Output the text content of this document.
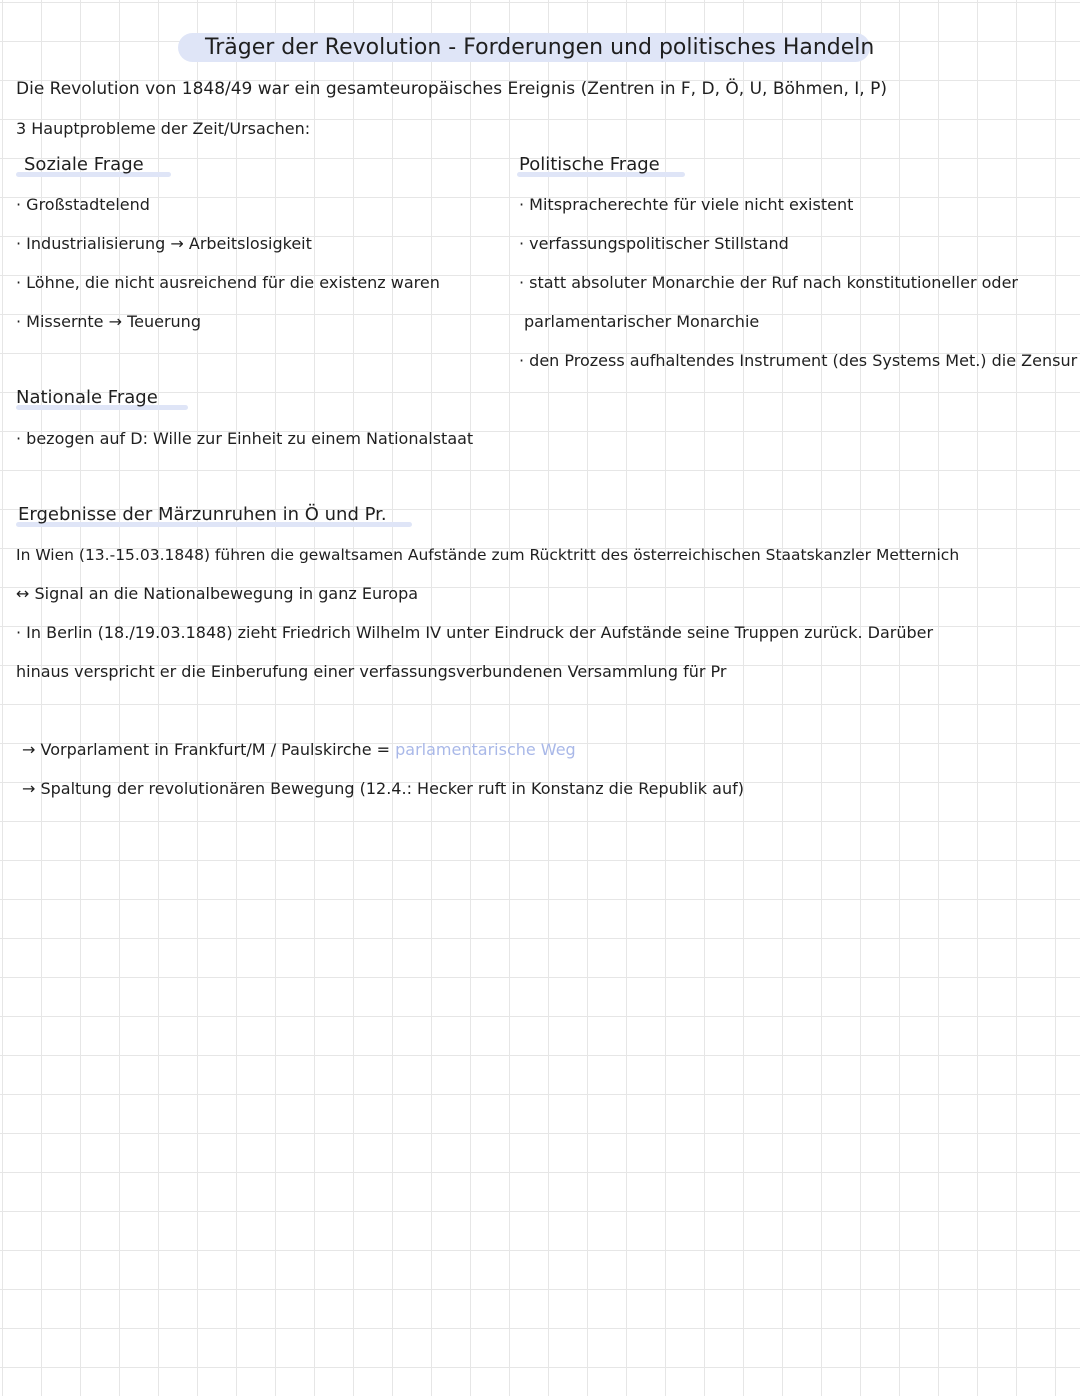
Träger der Revolution - Forderungen und politisches Handeln
Die Revolution von 1848/49 war ein gesamteuropäisches Ereignis (Zentren in F, D, Ö, U, Böhmen, I, P)
3 Hauptprobleme der Zeit/Ursachen:
Soziale Frage
· Großstadtelend
· Industrialisierung → Arbeitslosigkeit
· Löhne, die nicht ausreichend für die existenz waren
· Missernte → Teuerung
Politische Frage
· Mitspracherechte für viele nicht existent
· verfassungspolitischer Stillstand
· statt absoluter Monarchie der Ruf nach konstitutioneller oder
parlamentarischer Monarchie
· den Prozess aufhaltendes Instrument (des Systems Met.) die Zensur
Nationale Frage
· bezogen auf D: Wille zur Einheit zu einem Nationalstaat
Ergebnisse der Märzunruhen in Ö und Pr.
In Wien (13.-15.03.1848) führen die gewaltsamen Aufstände zum Rücktritt des österreichischen Staatskanzler Metternich
↔ Signal an die Nationalbewegung in ganz Europa
· In Berlin (18./19.03.1848) zieht Friedrich Wilhelm IV unter Eindruck der Aufstände seine Truppen zurück. Darüber
hinaus verspricht er die Einberufung einer verfassungsverbundenen Versammlung für Pr
→ Vorparlament in Frankfurt/M / Paulskirche = parlamentarische Weg
→ Spaltung der revolutionären Bewegung (12.4.: Hecker ruft in Konstanz die Republik auf)
